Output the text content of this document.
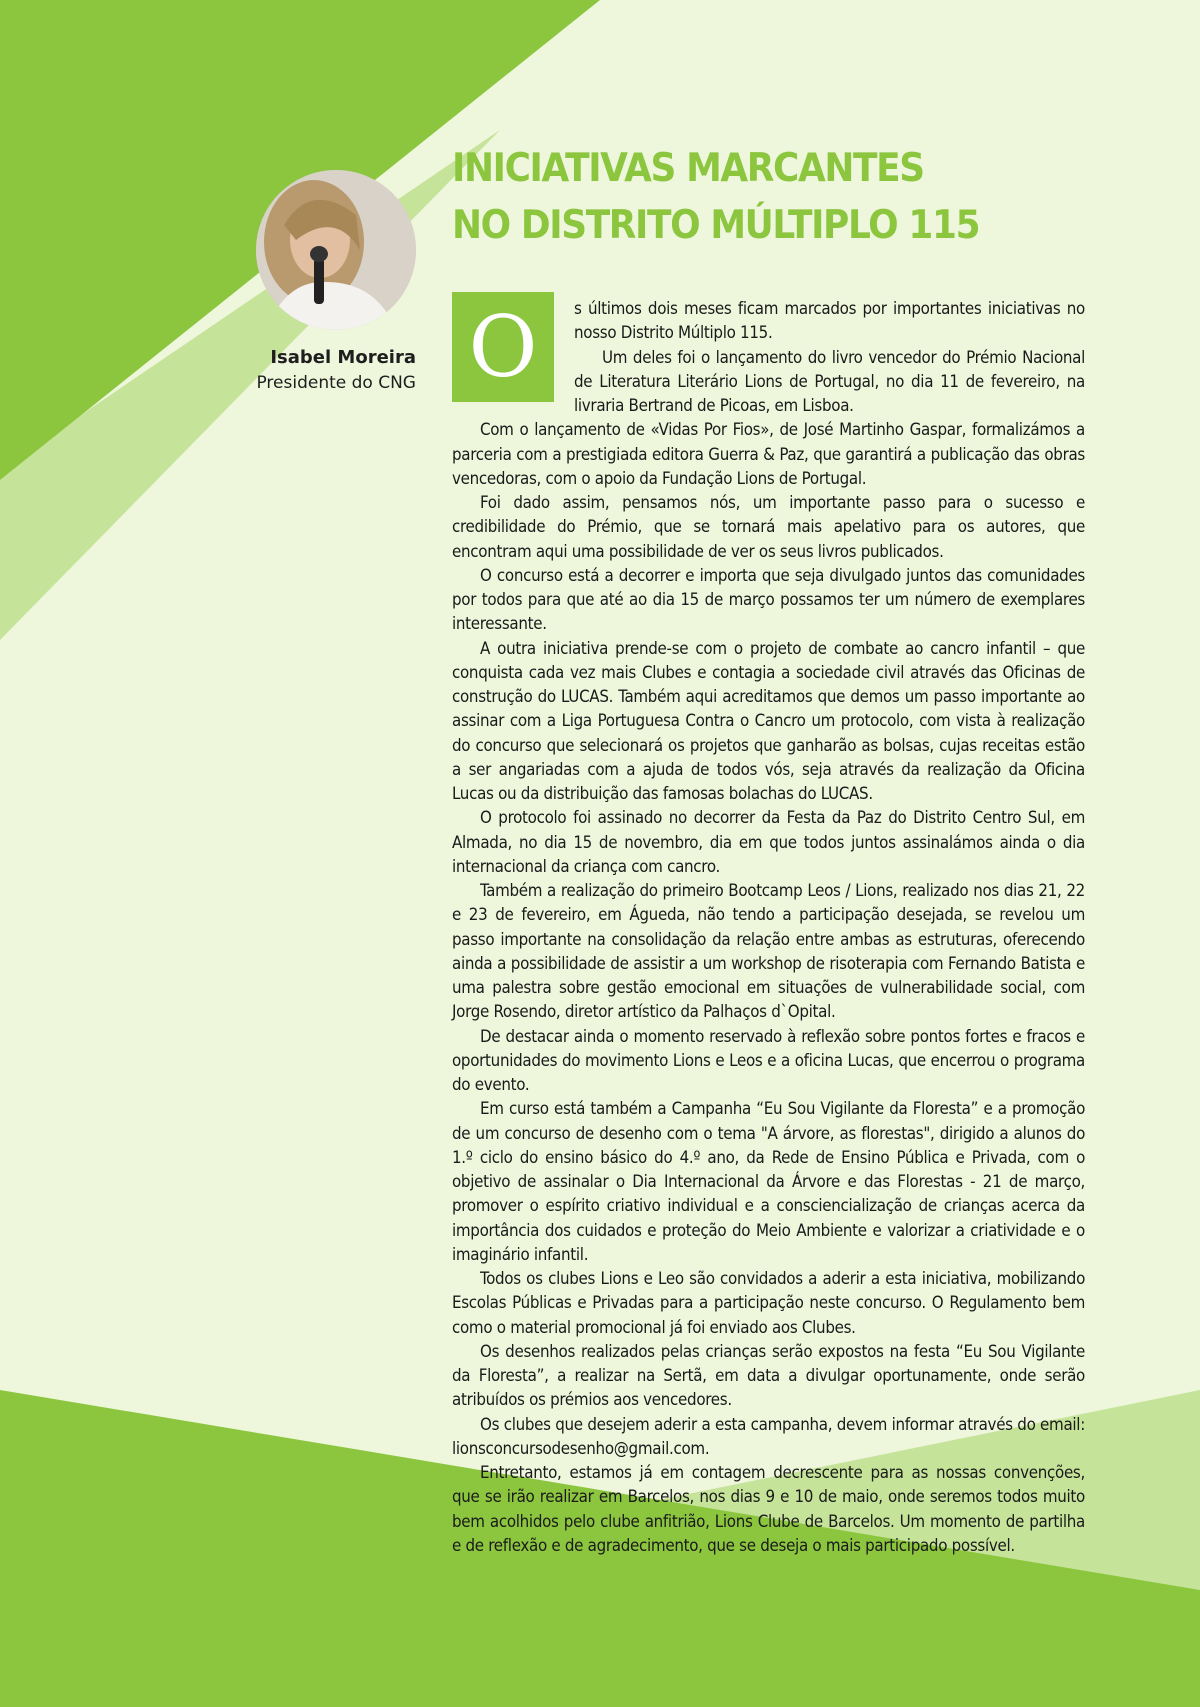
Isabel Moreira
Presidente do CNG
INICIATIVAS MARCANTES
NO DISTRITO MÚLTIPLO 115
O	s últimos dois meses ficam marcados por importantes iniciativas no nosso Distrito Múltiplo 115.

Um deles foi o lançamento do livro vencedor do Prémio Nacional de Literatura Literário Lions de Portugal, no dia 11 de fevereiro, na livraria Bertrand de Picoas, em Lisboa.

Com o lançamento de «Vidas Por Fios», de José Martinho Gaspar, formalizámos a parceria com a prestigiada editora Guerra & Paz, que garantirá a publicação das obras vencedoras, com o apoio da Fundação Lions de Portugal.

Foi dado assim, pensamos nós, um importante passo para o sucesso e credibilidade do Prémio, que se tornará mais apelativo para os autores, que encontram aqui uma possibilidade de ver os seus livros publicados.

O concurso está a decorrer e importa que seja divulgado juntos das comunidades por todos para que até ao dia 15 de março possamos ter um número de exemplares interessante.

A outra iniciativa prende-se com o projeto de combate ao cancro infantil – que conquista cada vez mais Clubes e contagia a sociedade civil através das Oficinas de construção do LUCAS. Também aqui acreditamos que demos um passo importante ao assinar com a Liga Portuguesa Contra o Cancro um protocolo, com vista à realização do concurso que selecionará os projetos que ganharão as bolsas, cujas receitas estão a ser angariadas com a ajuda de todos vós, seja através da realização da Oficina Lucas ou da distribuição das famosas bolachas do LUCAS.

O protocolo foi assinado no decorrer da Festa da Paz do Distrito Centro Sul, em Almada, no dia 15 de novembro, dia em que todos juntos assinalámos ainda o dia internacional da criança com cancro.

Também a realização do primeiro Bootcamp Leos / Lions, realizado nos dias 21, 22 e 23 de fevereiro, em Águeda, não tendo a participação desejada, se revelou um passo importante na consolidação da relação entre ambas as estruturas, oferecendo ainda a possibilidade de assistir a um workshop de risoterapia com Fernando Batista e uma palestra sobre gestão emocional em situações de vulnerabilidade social, com Jorge Rosendo, diretor artístico da Palhaços d`Opital.

De destacar ainda o momento reservado à reflexão sobre pontos fortes e fracos e oportunidades do movimento Lions e Leos e a oficina Lucas, que encerrou o programa do evento.

Em curso está também a Campanha “Eu Sou Vigilante da Floresta” e a promoção de um concurso de desenho com o tema "A árvore, as florestas", dirigido a alunos do 1.º ciclo do ensino básico do 4.º ano, da Rede de Ensino Pública e Privada, com o objetivo de assinalar o Dia Internacional da Árvore e das Florestas - 21 de março, promover o espírito criativo individual e a consciencialização de crianças acerca da importância dos cuidados e proteção do Meio Ambiente e valorizar a criatividade e o imaginário infantil.

Todos os clubes Lions e Leo são convidados a aderir a esta iniciativa, mobilizando Escolas Públicas e Privadas para a participação neste concurso. O Regulamento bem como o material promocional já foi enviado aos Clubes.

Os desenhos realizados pelas crianças serão expostos na festa “Eu Sou Vigilante da Floresta”, a realizar na Sertã, em data a divulgar oportunamente, onde serão atribuídos os prémios aos vencedores.

Os clubes que desejem aderir a esta campanha, devem informar através do email: lionsconcursodesenho@gmail.com.

Entretanto, estamos já em contagem decrescente para as nossas convenções, que se irão realizar em Barcelos, nos dias 9 e 10 de maio, onde seremos todos muito bem acolhidos pelo clube anfitrião, Lions Clube de Barcelos. Um momento de partilha e de reflexão e de agradecimento, que se deseja o mais participado possível.
